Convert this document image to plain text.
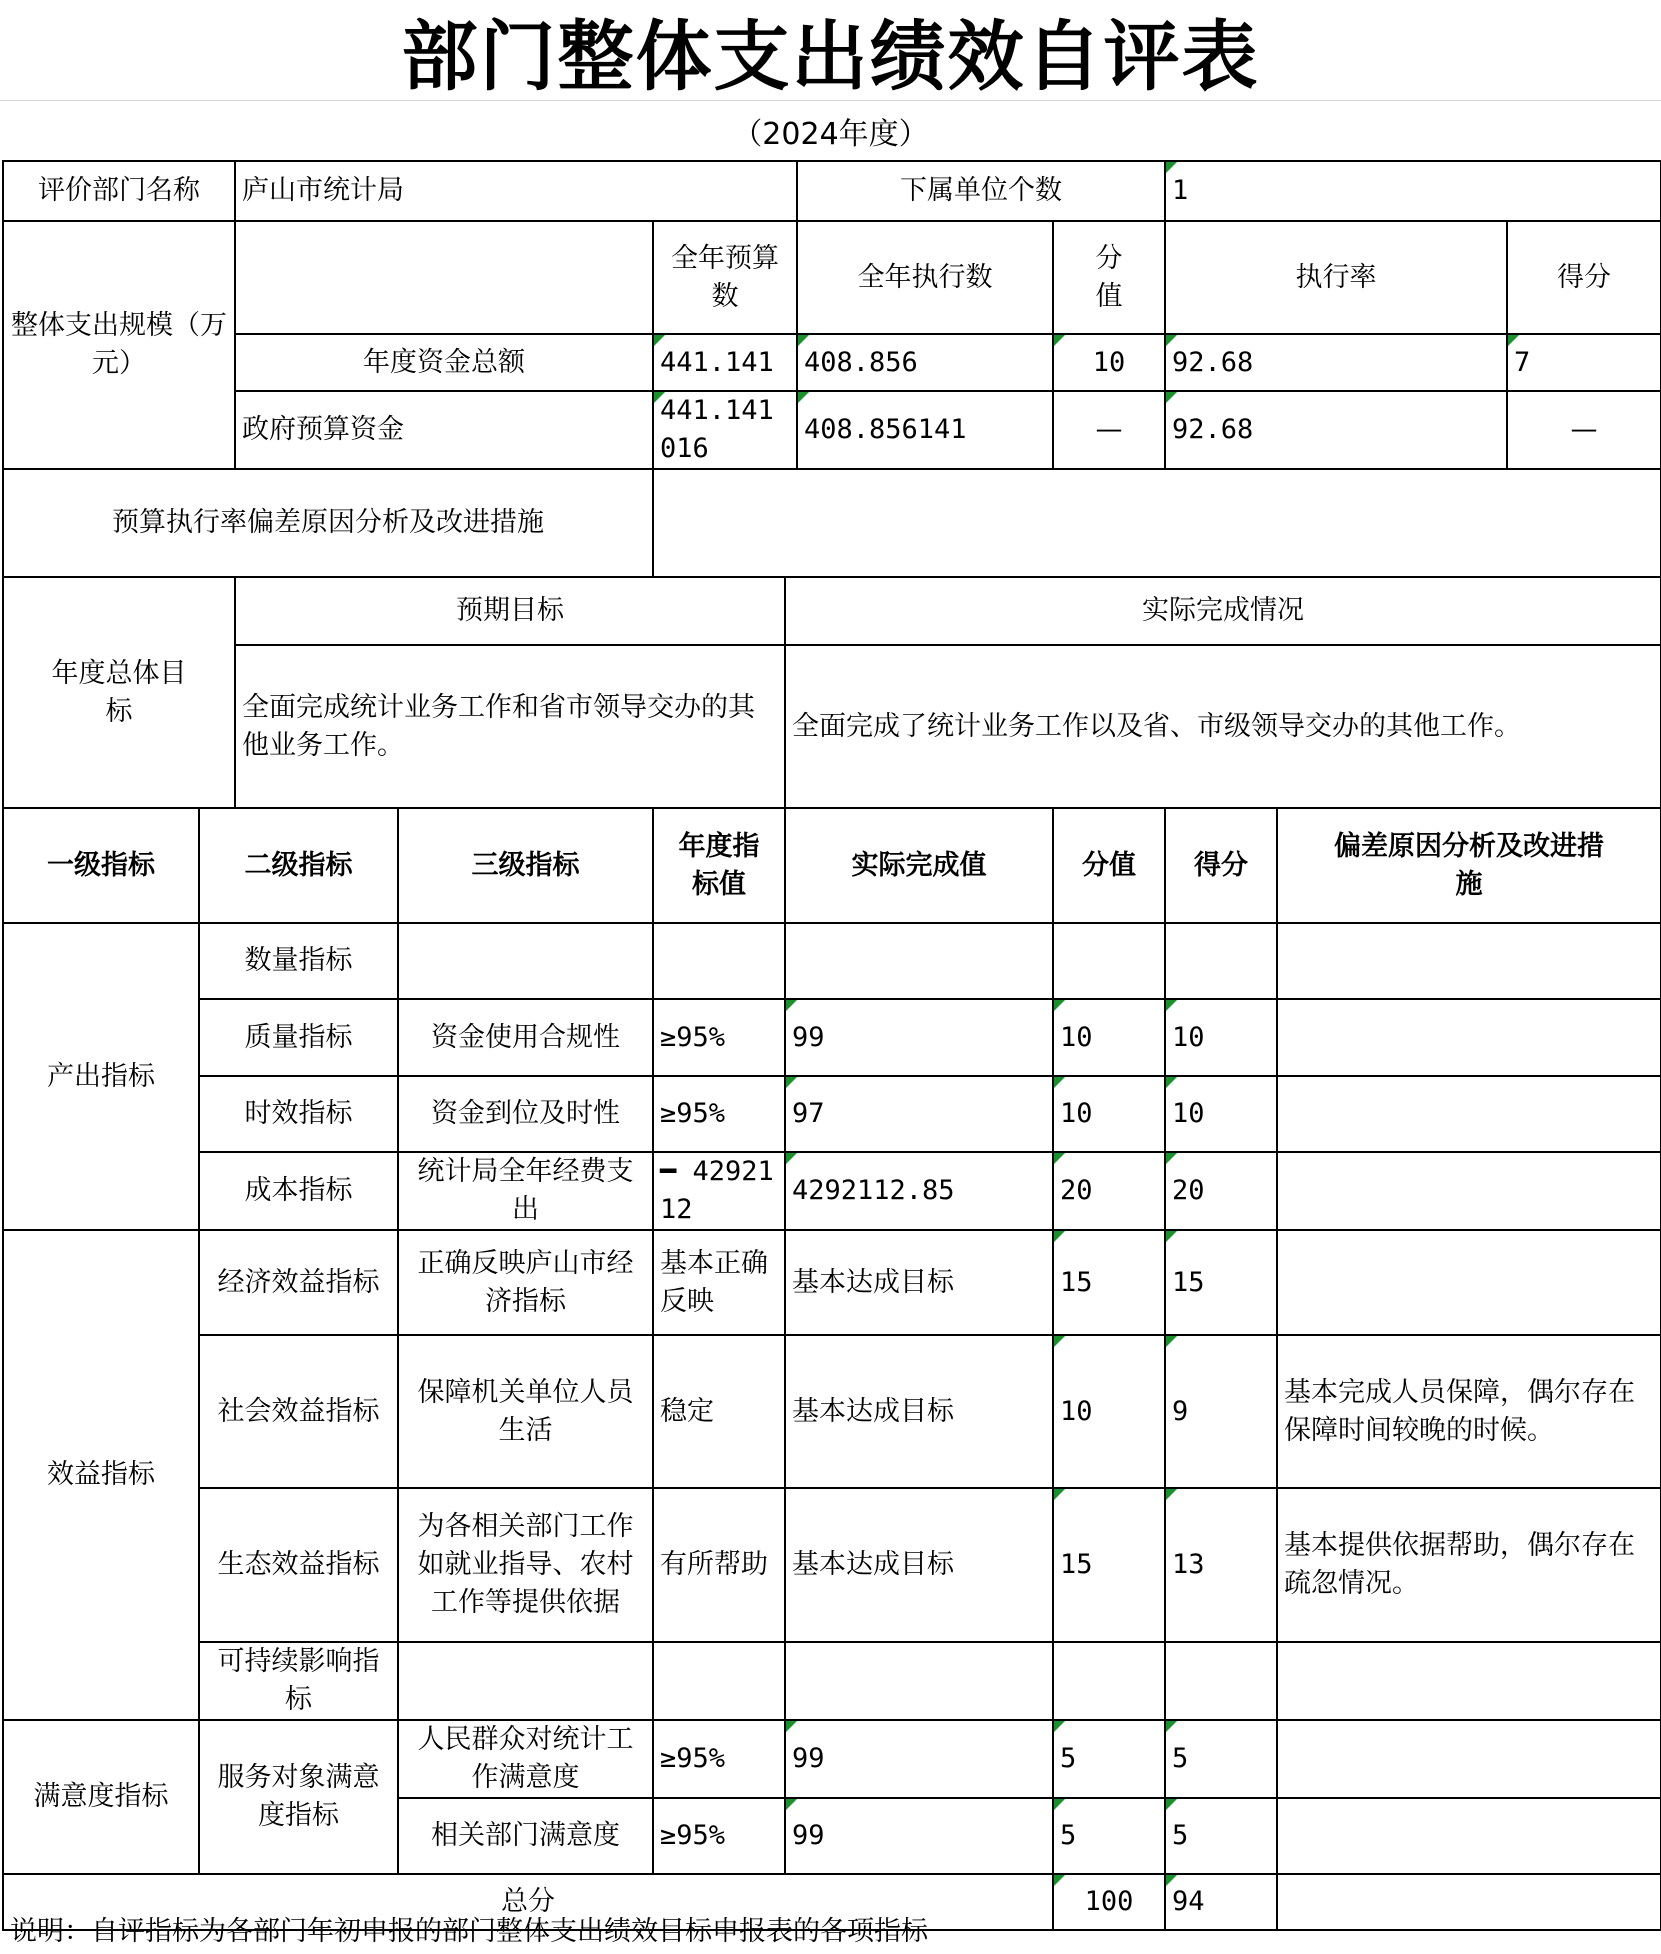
部门整体支出绩效自评表
（2024年度）
评价部门名称		庐山市统计局				下属单位个数		1		
整体支出规模（万元）				全年预算数		全年执行数	分值	执行率		得分
		年度资金总额		441.141		408.856	10	92.68		7
		政府预算资金		441.141016		408.856141	—	92.68		—
预算执行率偏差原因分析及改进措施										
年度总体目标		预期目标			实际完成情况					
		全面完成统计业务工作和省市领导交办的其他业务工作。			全面完成了统计业务工作以及省、市级领导交办的其他工作。					
一级指标	二级指标		三级指标	年度指标值	实际完成值		分值	得分	偏差原因分析及改进措施	
产出指标	数量指标									
	质量指标		资金使用合规性	≥95%	99		10	10		
	时效指标		资金到位及时性	≥95%	97		10	10		
	成本指标		统计局全年经费支出	━ 4292112	4292112.85		20	20		
效益指标	经济效益指标		正确反映庐山市经济指标	基本正确反映	基本达成目标		15	15		
	社会效益指标		保障机关单位人员生活	稳定	基本达成目标		10	9	基本完成人员保障，偶尔存在保障时间较晚的时候。	
	生态效益指标		为各相关部门工作如就业指导、农村工作等提供依据	有所帮助	基本达成目标		15	13	基本提供依据帮助，偶尔存在疏忽情况。	
	可持续影响指标									
满意度指标	服务对象满意度指标		人民群众对统计工作满意度	≥95%	99		5	5		
			相关部门满意度	≥95%	99		5	5		
总分							100	94		
说明：自评指标为各部门年初申报的部门整体支出绩效目标申报表的各项指标
